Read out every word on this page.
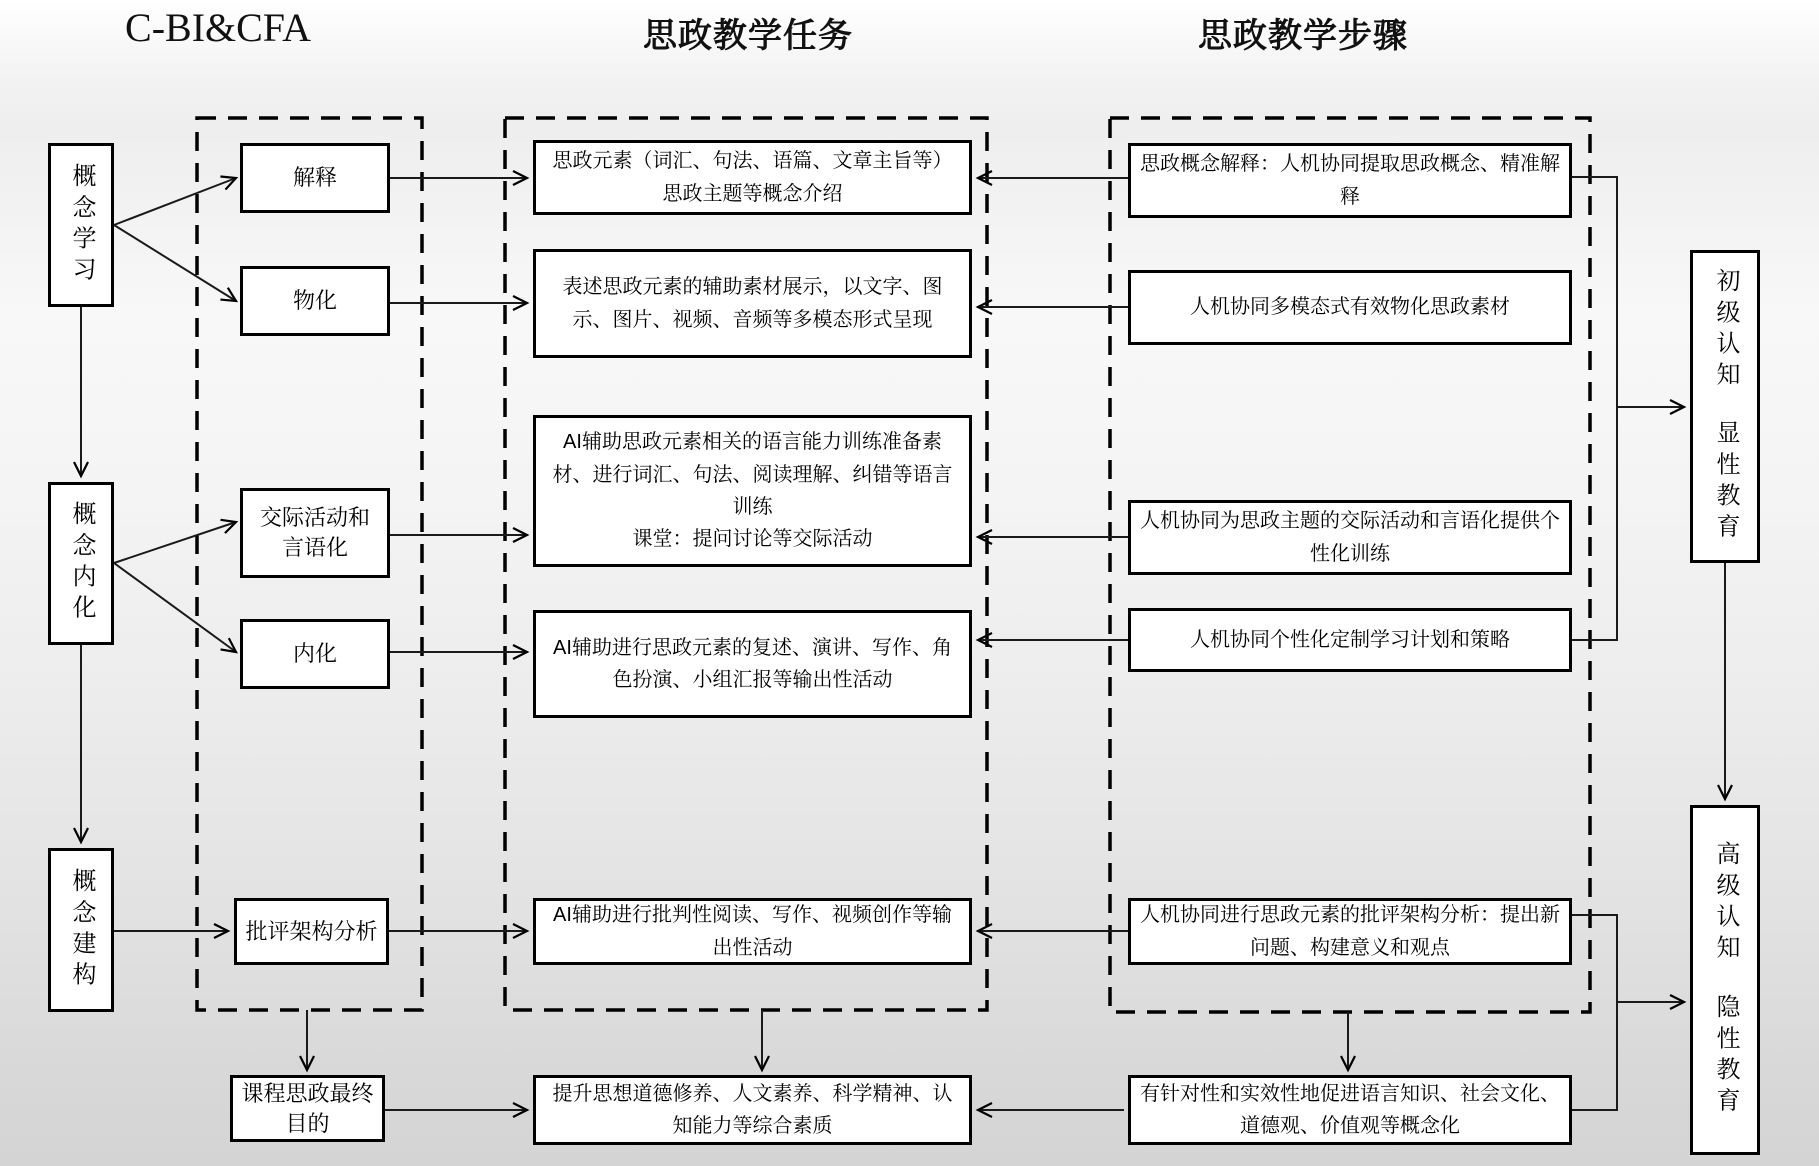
C-BI&CFA	思政教学任务	思政教学步骤
概念学习
概念内化
概念建构
解释
物化
交际活动和言语化
内化
批评架构分析
课程思政最终目的
思政元素（词汇、句法、语篇、文章主旨等）思政主题等概念介绍
表述思政元素的辅助素材展示，以文字、图示、图片、视频、音频等多模态形式呈现
AI辅助思政元素相关的语言能力训练准备素材、进行词汇、句法、阅读理解、纠错等语言训练
课堂：提问讨论等交际活动
AI辅助进行思政元素的复述、演讲、写作、角色扮演、小组汇报等输出性活动
AI辅助进行批判性阅读、写作、视频创作等输出性活动
提升思想道德修养、人文素养、科学精神、认知能力等综合素质
思政概念解释：人机协同提取思政概念、精准解释
人机协同多模态式有效物化思政素材
人机协同为思政主题的交际活动和言语化提供个性化训练
人机协同个性化定制学习计划和策略
人机协同进行思政元素的批评架构分析：提出新问题、构建意义和观点
有针对性和实效性地促进语言知识、社会文化、道德观、价值观等概念化
初级认知
显性教育
高级认知
隐性教育
